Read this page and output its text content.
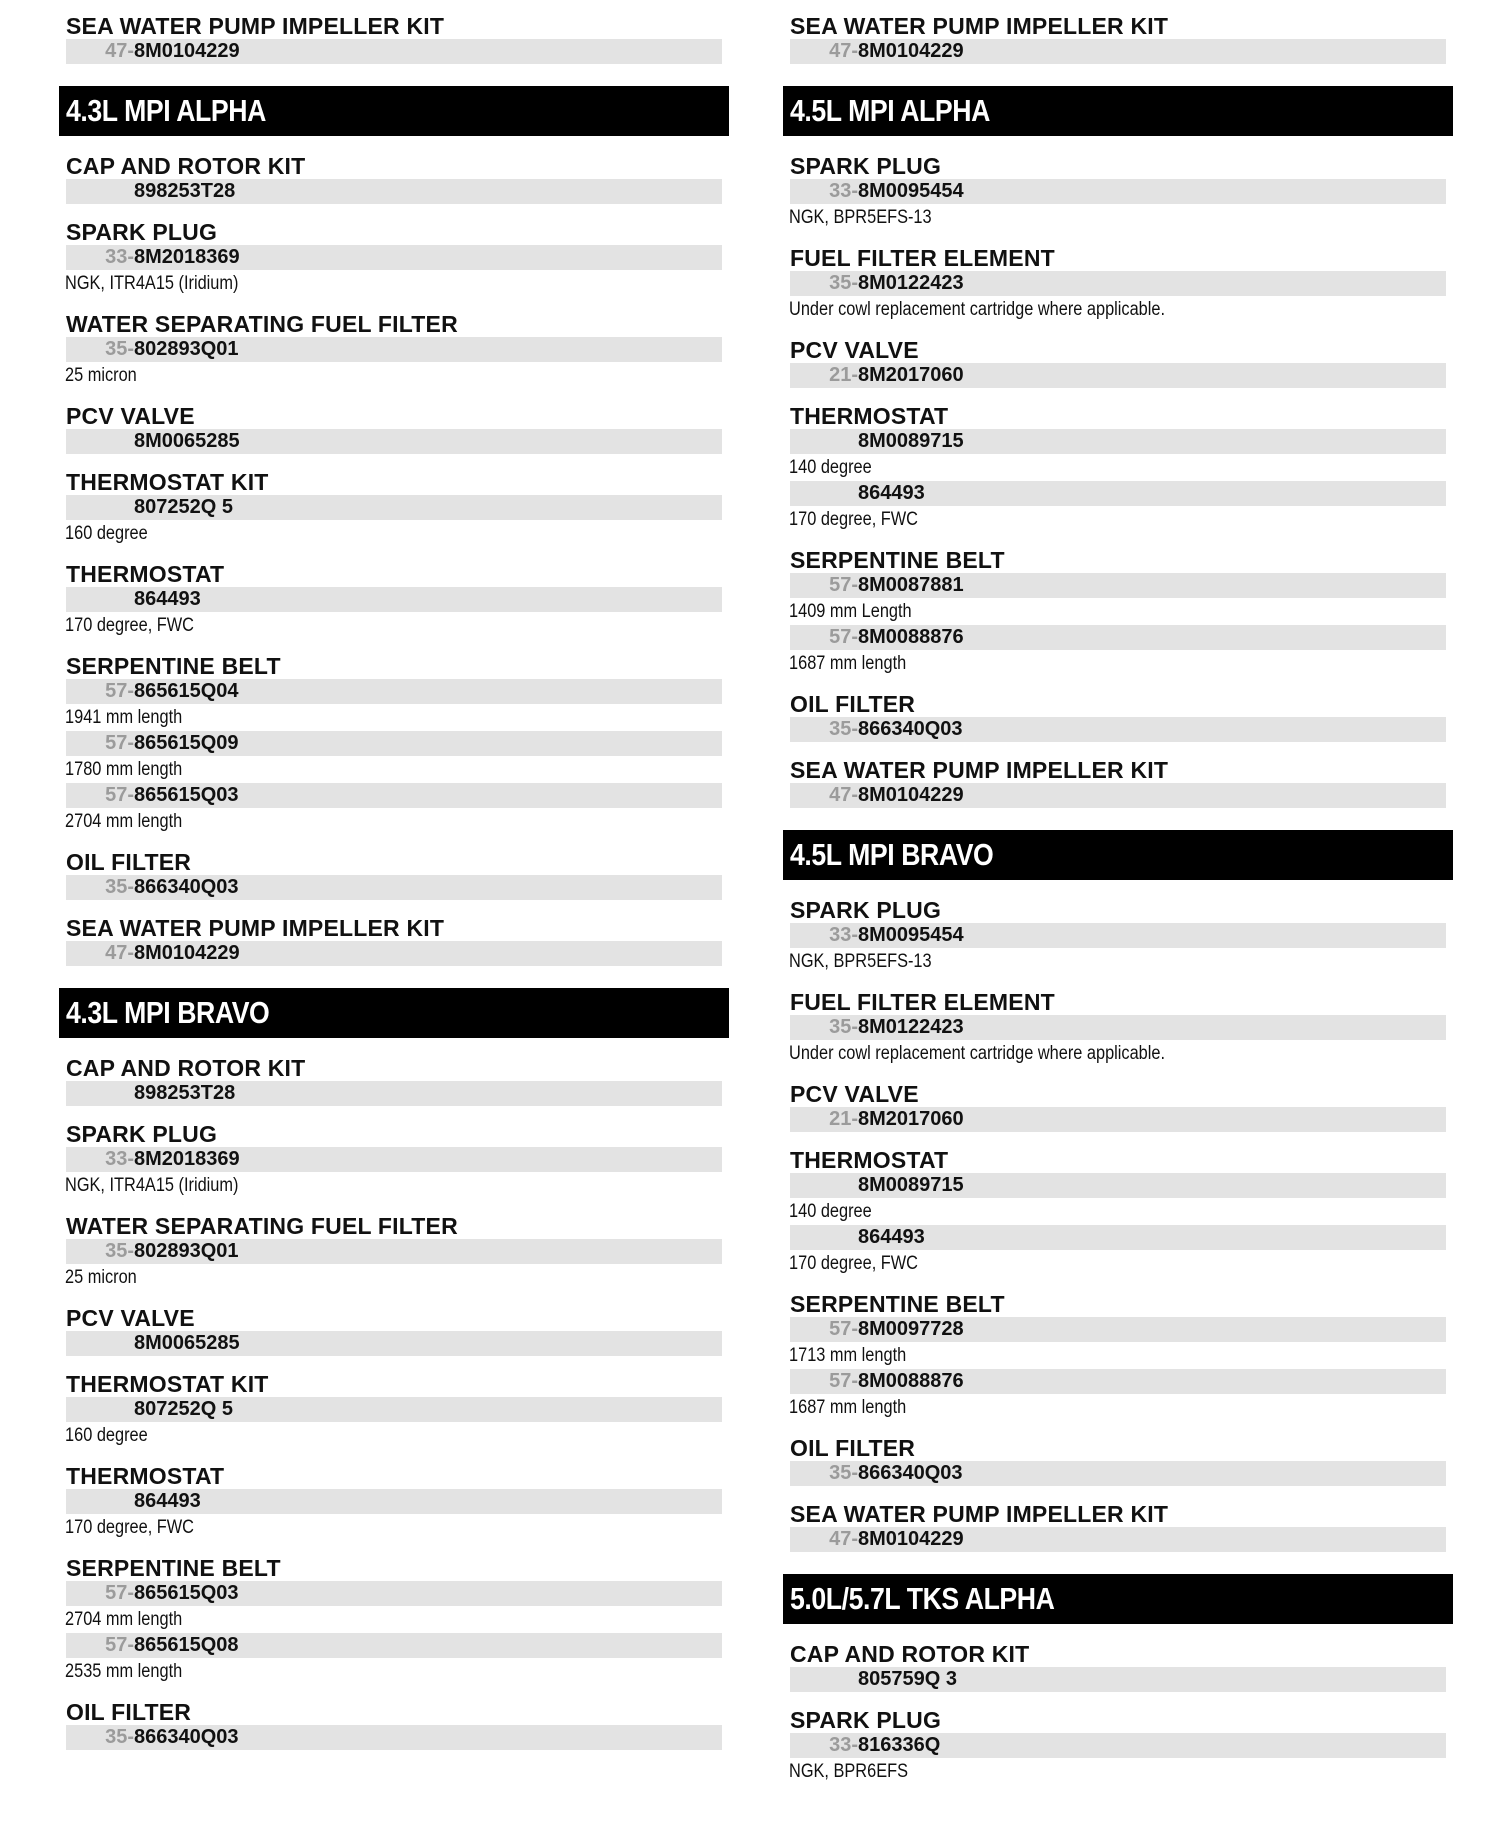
SEA WATER PUMP IMPELLER KIT
47- 8M0104229
4.3L MPI ALPHA
CAP AND ROTOR KIT
898253T28
SPARK PLUG
33- 8M2018369
NGK, ITR4A15 (Iridium)
WATER SEPARATING FUEL FILTER
35- 802893Q01
25 micron
PCV VALVE
8M0065285
THERMOSTAT KIT
807252Q 5
160 degree
THERMOSTAT
864493
170 degree, FWC
SERPENTINE BELT
57- 865615Q04
1941 mm length
57- 865615Q09
1780 mm length
57- 865615Q03
2704 mm length
OIL FILTER
35- 866340Q03
SEA WATER PUMP IMPELLER KIT
47- 8M0104229
4.3L MPI BRAVO
CAP AND ROTOR KIT
898253T28
SPARK PLUG
33- 8M2018369
NGK, ITR4A15 (Iridium)
WATER SEPARATING FUEL FILTER
35- 802893Q01
25 micron
PCV VALVE
8M0065285
THERMOSTAT KIT
807252Q 5
160 degree
THERMOSTAT
864493
170 degree, FWC
SERPENTINE BELT
57- 865615Q03
2704 mm length
57- 865615Q08
2535 mm length
OIL FILTER
35- 866340Q03
SEA WATER PUMP IMPELLER KIT
47- 8M0104229
4.5L MPI ALPHA
SPARK PLUG
33- 8M0095454
NGK, BPR5EFS-13
FUEL FILTER ELEMENT
35- 8M0122423
Under cowl replacement cartridge where applicable.
PCV VALVE
21- 8M2017060
THERMOSTAT
8M0089715
140 degree
864493
170 degree, FWC
SERPENTINE BELT
57- 8M0087881
1409 mm Length
57- 8M0088876
1687 mm length
OIL FILTER
35- 866340Q03
SEA WATER PUMP IMPELLER KIT
47- 8M0104229
4.5L MPI BRAVO
SPARK PLUG
33- 8M0095454
NGK, BPR5EFS-13
FUEL FILTER ELEMENT
35- 8M0122423
Under cowl replacement cartridge where applicable.
PCV VALVE
21- 8M2017060
THERMOSTAT
8M0089715
140 degree
864493
170 degree, FWC
SERPENTINE BELT
57- 8M0097728
1713 mm length
57- 8M0088876
1687 mm length
OIL FILTER
35- 866340Q03
SEA WATER PUMP IMPELLER KIT
47- 8M0104229
5.0L/5.7L TKS ALPHA
CAP AND ROTOR KIT
805759Q 3
SPARK PLUG
33- 816336Q
NGK, BPR6EFS
